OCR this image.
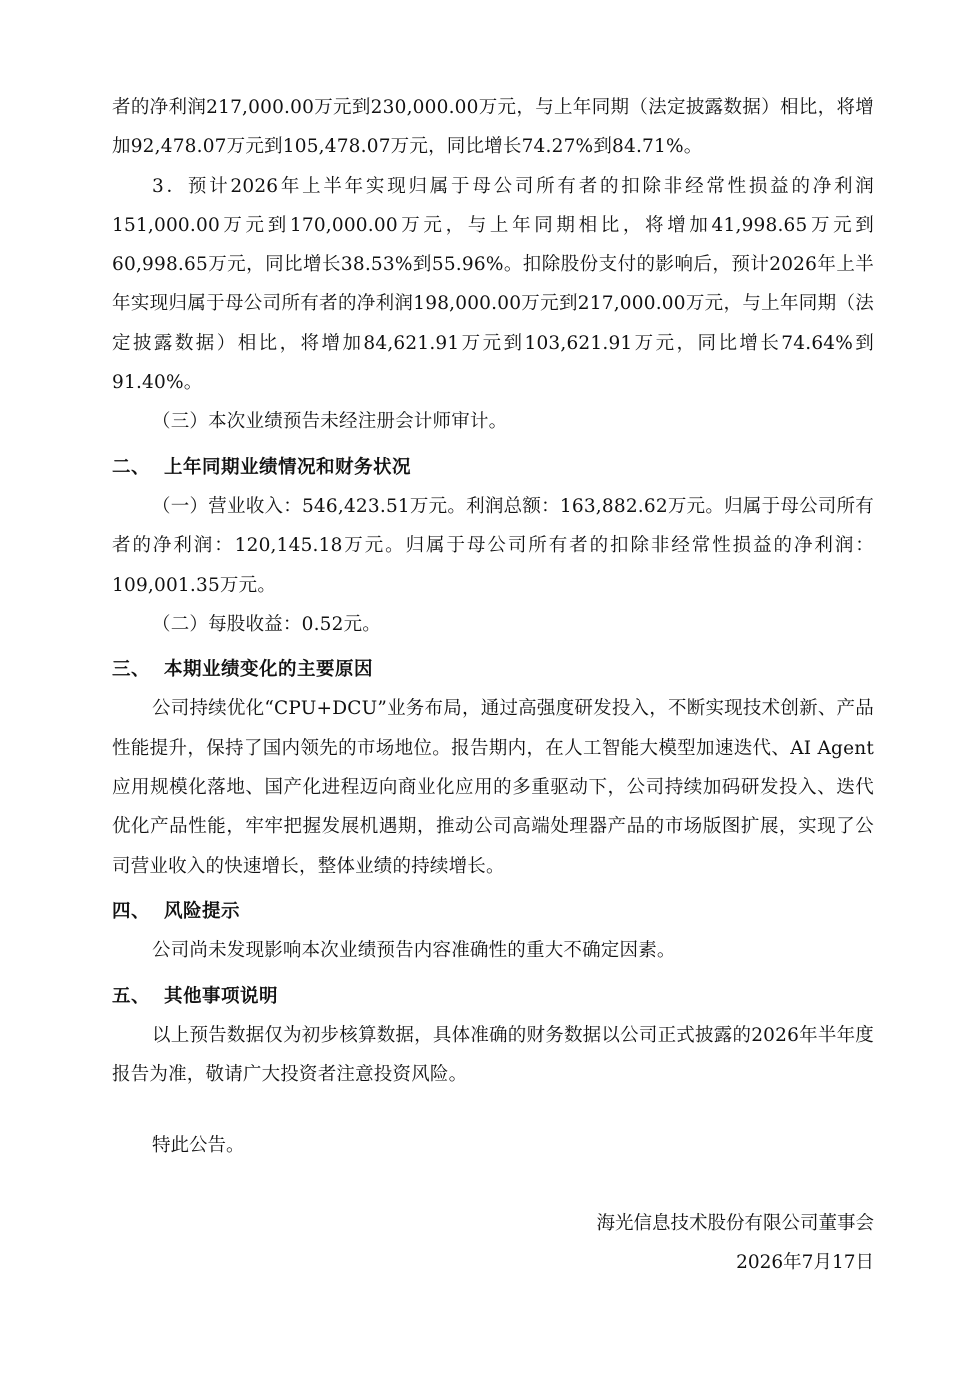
者的净利润217,000.00万元到230,000.00万元，与上年同期（法定披露数据）相比，将增加92,478.07万元到105,478.07万元，同比增长74.27%到84.71%。

3．预计2026年上半年实现归属于母公司所有者的扣除非经常性损益的净利润151,000.00万元到170,000.00万元，与上年同期相比，将增加41,998.65万元到60,998.65万元，同比增长38.53%到55.96%。扣除股份支付的影响后，预计2026年上半年实现归属于母公司所有者的净利润198,000.00万元到217,000.00万元，与上年同期（法定披露数据）相比，将增加84,621.91万元到103,621.91万元，同比增长74.64%到91.40%。

（三）本次业绩预告未经注册会计师审计。

二、 上年同期业绩情况和财务状况

（一）营业收入：546,423.51万元。利润总额：163,882.62万元。归属于母公司所有者的净利润：120,145.18万元。归属于母公司所有者的扣除非经常性损益的净利润：109,001.35万元。

（二）每股收益：0.52元。

三、 本期业绩变化的主要原因

公司持续优化“CPU+DCU”业务布局，通过高强度研发投入，不断实现技术创新、产品性能提升，保持了国内领先的市场地位。报告期内，在人工智能大模型加速迭代、AI Agent应用规模化落地、国产化进程迈向商业化应用的多重驱动下，公司持续加码研发投入、迭代优化产品性能，牢牢把握发展机遇期，推动公司高端处理器产品的市场版图扩展，实现了公司营业收入的快速增长，整体业绩的持续增长。

四、 风险提示

公司尚未发现影响本次业绩预告内容准确性的重大不确定因素。

五、 其他事项说明

以上预告数据仅为初步核算数据，具体准确的财务数据以公司正式披露的2026年半年度报告为准，敬请广大投资者注意投资风险。

特此公告。

海光信息技术股份有限公司董事会

2026年7月17日
